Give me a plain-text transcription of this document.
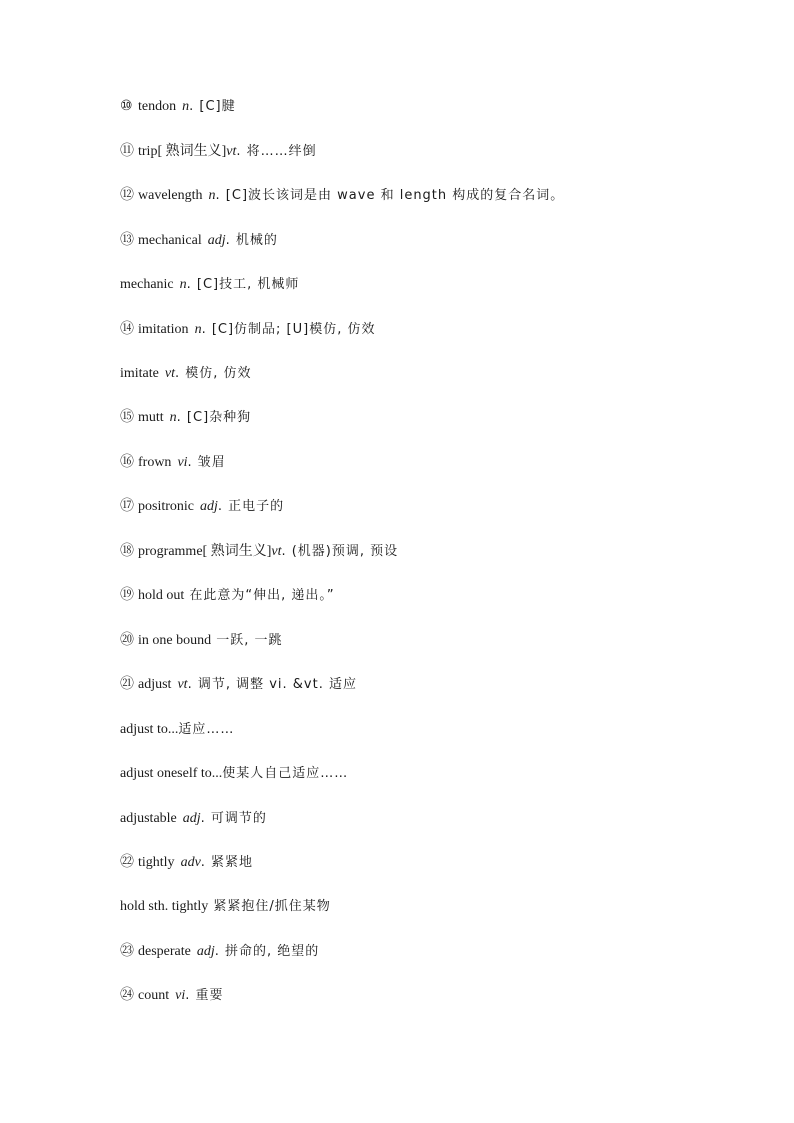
⑩ tendon n. [C]腱
⑪ trip[ 熟词生义]vt. 将……绊倒
⑫ wavelength n. [C]波长该词是由 wave 和 length 构成的复合名词。
⑬ mechanical adj. 机械的
mechanic n. [C]技工, 机械师
⑭ imitation n. [C]仿制品; [U]模仿, 仿效
imitate vt. 模仿, 仿效
⑮ mutt n. [C]杂种狗
⑯ frown vi. 皱眉
⑰ positronic adj. 正电子的
⑱ programme[ 熟词生义]vt. (机器)预调, 预设
⑲ hold out 在此意为“伸出, 递出。”
⑳ in one bound 一跃, 一跳
㉑ adjust vt. 调节, 调整 vi. &vt. 适应
adjust to...适应……
adjust oneself to...使某人自己适应……
adjustable adj. 可调节的
㉒ tightly adv. 紧紧地
hold sth. tightly 紧紧抱住/抓住某物
㉓ desperate adj. 拼命的, 绝望的
㉔ count vi. 重要
